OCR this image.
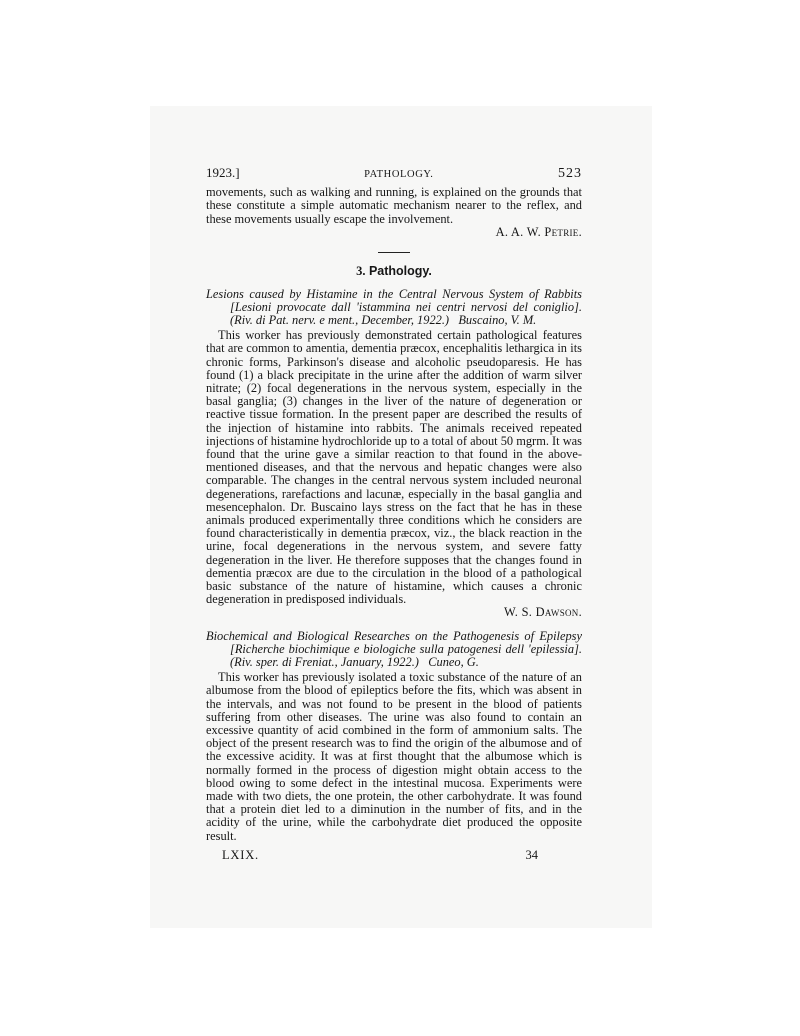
1923.]	PATHOLOGY.	523

movements, such as walking and running, is explained on the grounds that these constitute a simple automatic mechanism nearer to the reflex, and these movements usually escape the involvement.

A. A. W. Petrie.

3. Pathology.
Lesions caused by Histamine in the Central Nervous System of Rabbits
[Lesioni provocate dall 'istammina nei centri nervosi del coniglio].
(Riv. di Pat. nerv. e ment., December, 1922.) Buscaino, V. M.

This worker has previously demonstrated certain pathological features that are common to amentia, dementia præcox, encephalitis lethargica in its chronic forms, Parkinson's disease and alcoholic pseudoparesis. He has found (1) a black precipitate in the urine after the addition of warm silver nitrate; (2) focal degenerations in the nervous system, especially in the basal ganglia; (3) changes in the liver of the nature of degeneration or reactive tissue formation. In the present paper are described the results of the injection of histamine into rabbits. The animals received repeated injections of histamine hydrochloride up to a total of about 50 mgrm. It was found that the urine gave a similar reaction to that found in the above-mentioned diseases, and that the nervous and hepatic changes were also comparable. The changes in the central nervous system included neuronal degenerations, rarefactions and lacunæ, especially in the basal ganglia and mesencephalon. Dr. Buscaino lays stress on the fact that he has in these animals produced experimentally three conditions which he considers are found characteristically in dementia præcox, viz., the black reaction in the urine, focal degenerations in the nervous system, and severe fatty degeneration in the liver. He therefore supposes that the changes found in dementia præcox are due to the circulation in the blood of a pathological basic substance of the nature of histamine, which causes a chronic degeneration in predisposed individuals.

W. S. Dawson.

Biochemical and Biological Researches on the Pathogenesis of Epilepsy
[Richerche biochimique e biologiche sulla patogenesi dell 'epilessia].
(Riv. sper. di Freniat., January, 1922.) Cuneo, G.

This worker has previously isolated a toxic substance of the nature of an albumose from the blood of epileptics before the fits, which was absent in the intervals, and was not found to be present in the blood of patients suffering from other diseases. The urine was also found to contain an excessive quantity of acid combined in the form of ammonium salts. The object of the present research was to find the origin of the albumose and of the excessive acidity. It was at first thought that the albumose which is normally formed in the process of digestion might obtain access to the blood owing to some defect in the intestinal mucosa. Experiments were made with two diets, the one protein, the other carbohydrate. It was found that a protein diet led to a diminution in the number of fits, and in the acidity of the urine, while the carbohydrate diet produced the opposite result.

LXIX.	34
